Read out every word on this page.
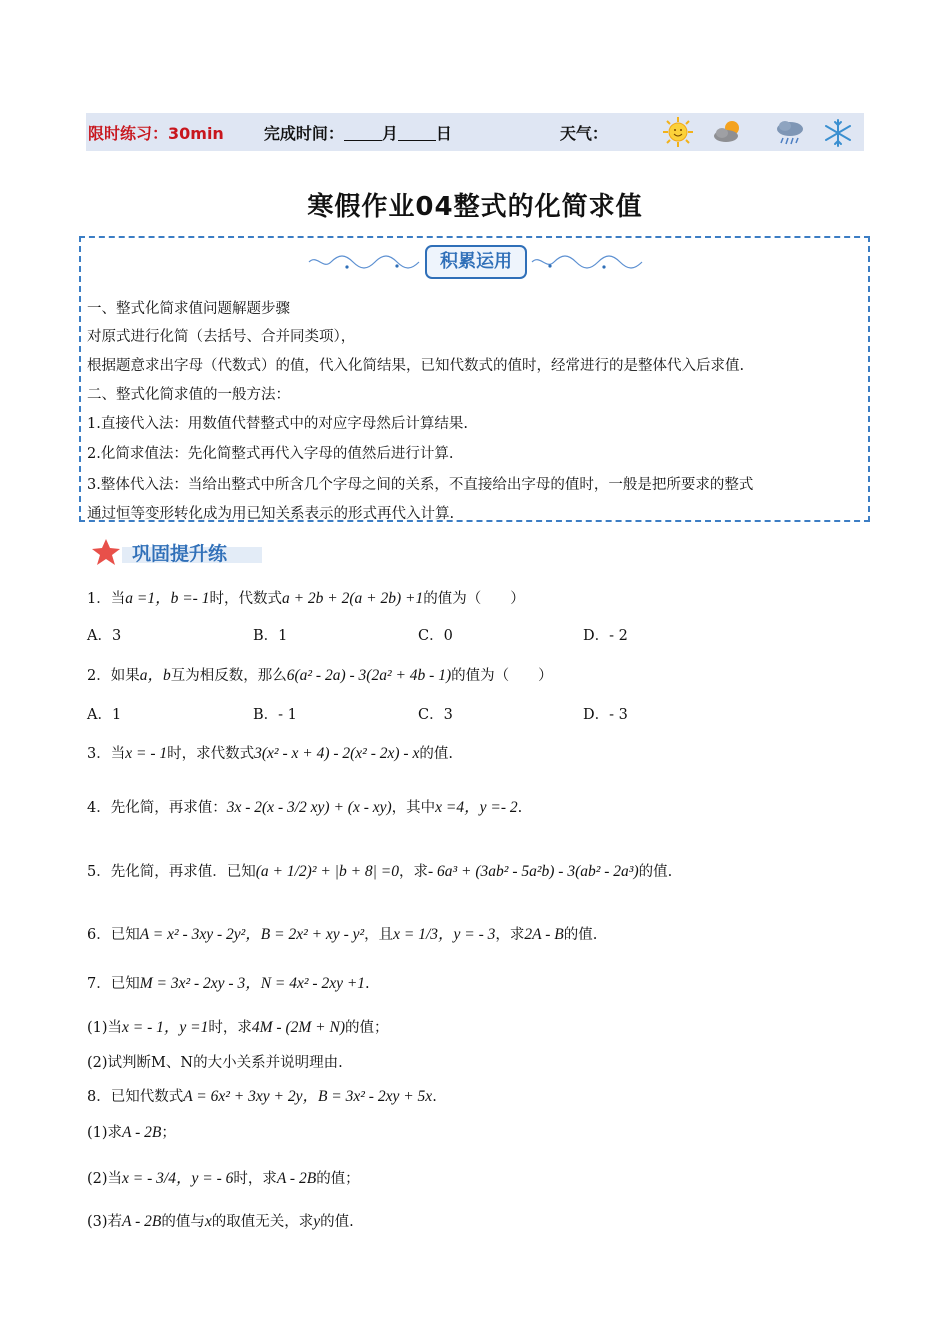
限时练习：30min	完成时间： 月 日	天气：
寒假作业04整式的化简求值
积累运用
一、整式化简求值问题解题步骤
对原式进行化简（去括号、合并同类项），
根据题意求出字母（代数式）的值，代入化简结果，已知代数式的值时，经常进行的是整体代入后求值.
二、整式化简求值的一般方法：
1.直接代入法：用数值代替整式中的对应字母然后计算结果.
2.化简求值法：先化简整式再代入字母的值然后进行计算.
3.整体代入法：当给出整式中所含几个字母之间的关系，不直接给出字母的值时，一般是把所要求的整式
通过恒等变形转化成为用已知关系表示的形式再代入计算.
巩固提升练
1．当a =1，b =- 1时，代数式a + 2b + 2(a + 2b) +1的值为（　　）
A．3	B．1	C．0	D．- 2
2．如果a，b互为相反数，那么6(a² - 2a) - 3(2a² + 4b - 1)的值为（　　）
A．1	B．- 1	C．3	D．- 3
3．当x = - 1时，求代数式3(x² - x + 4) - 2(x² - 2x) - x的值.
4．先化简，再求值：3x - 2(x - 3/2 xy) + (x - xy)，其中x =4，y =- 2.
5．先化简，再求值．已知(a + 1/2)² + |b + 8| =0，求- 6a³ + (3ab² - 5a²b) - 3(ab² - 2a³)的值.
6．已知A = x² - 3xy - 2y²，B = 2x² + xy - y²，且x = 1/3，y = - 3，求2A - B的值.
7．已知M = 3x² - 2xy - 3，N = 4x² - 2xy +1.
(1)当x = - 1，y =1时，求4M - (2M + N)的值；
(2)试判断M、N的大小关系并说明理由.
8．已知代数式A = 6x² + 3xy + 2y，B = 3x² - 2xy + 5x.
(1)求A - 2B；
(2)当x = - 3/4，y = - 6时，求A - 2B的值；
(3)若A - 2B的值与x的取值无关，求y的值.
